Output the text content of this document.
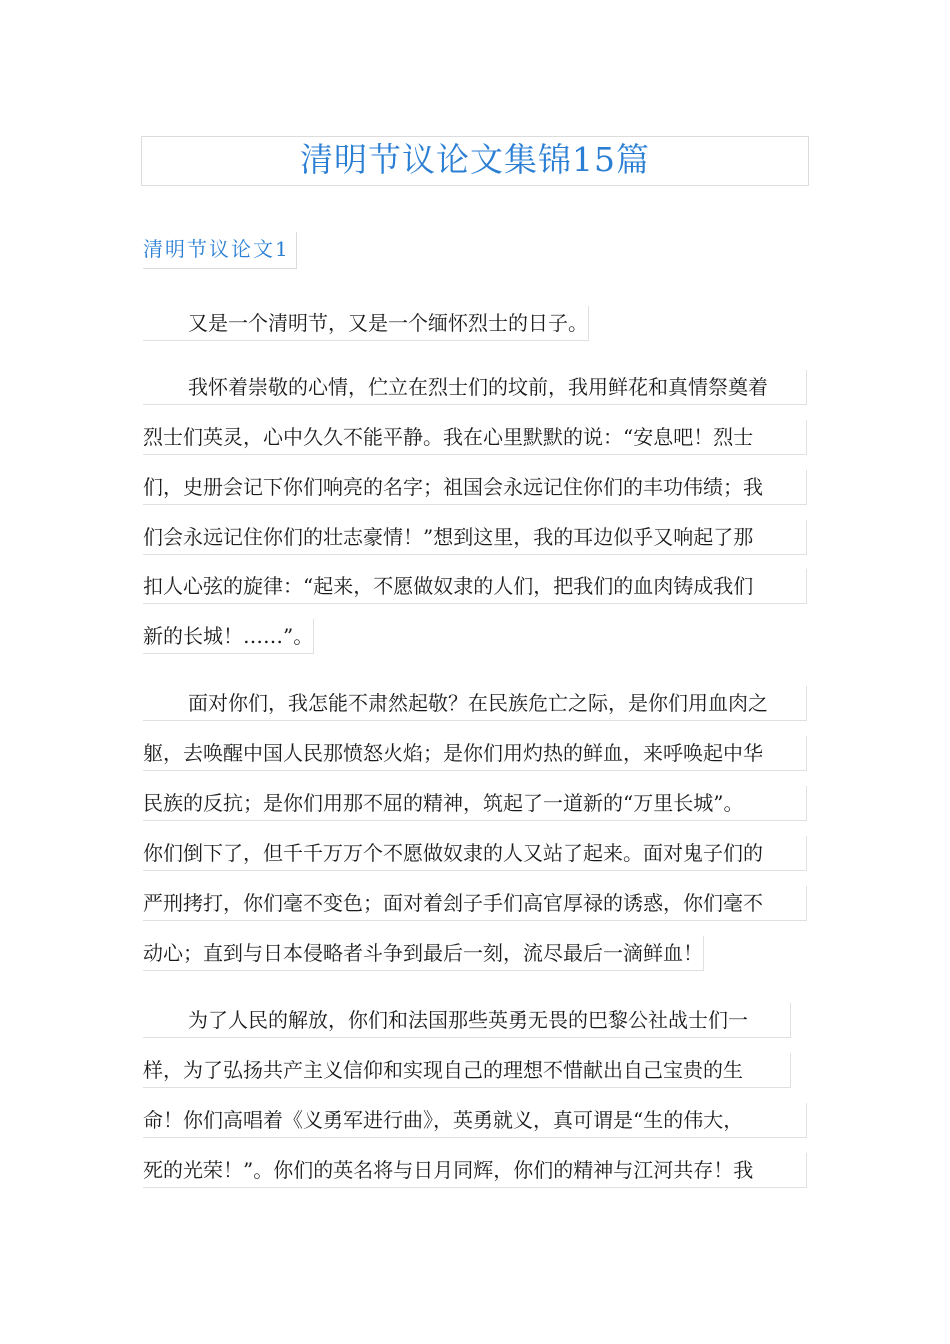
清明节议论文集锦15篇
清明节议论文1
又是一个清明节，又是一个缅怀烈士的日子。
我怀着崇敬的心情，伫立在烈士们的坟前，我用鲜花和真情祭奠着
烈士们英灵，心中久久不能平静。我在心里默默的说：“安息吧！烈士
们，史册会记下你们响亮的名字；祖国会永远记住你们的丰功伟绩；我
们会永远记住你们的壮志豪情！”想到这里，我的耳边似乎又响起了那
扣人心弦的旋律：“起来，不愿做奴隶的人们，把我们的血肉铸成我们
新的长城！……”。
面对你们，我怎能不肃然起敬？在民族危亡之际，是你们用血肉之
躯，去唤醒中国人民那愤怒火焰；是你们用灼热的鲜血，来呼唤起中华
民族的反抗；是你们用那不屈的精神，筑起了一道新的“万里长城”。
你们倒下了，但千千万万个不愿做奴隶的人又站了起来。面对鬼子们的
严刑拷打，你们毫不变色；面对着刽子手们高官厚禄的诱惑，你们毫不
动心；直到与日本侵略者斗争到最后一刻，流尽最后一滴鲜血！
为了人民的解放，你们和法国那些英勇无畏的巴黎公社战士们一
样，为了弘扬共产主义信仰和实现自己的理想不惜献出自己宝贵的生
命！你们高唱着《义勇军进行曲》，英勇就义，真可谓是“生的伟大，
死的光荣！”。你们的英名将与日月同辉，你们的精神与江河共存！我
